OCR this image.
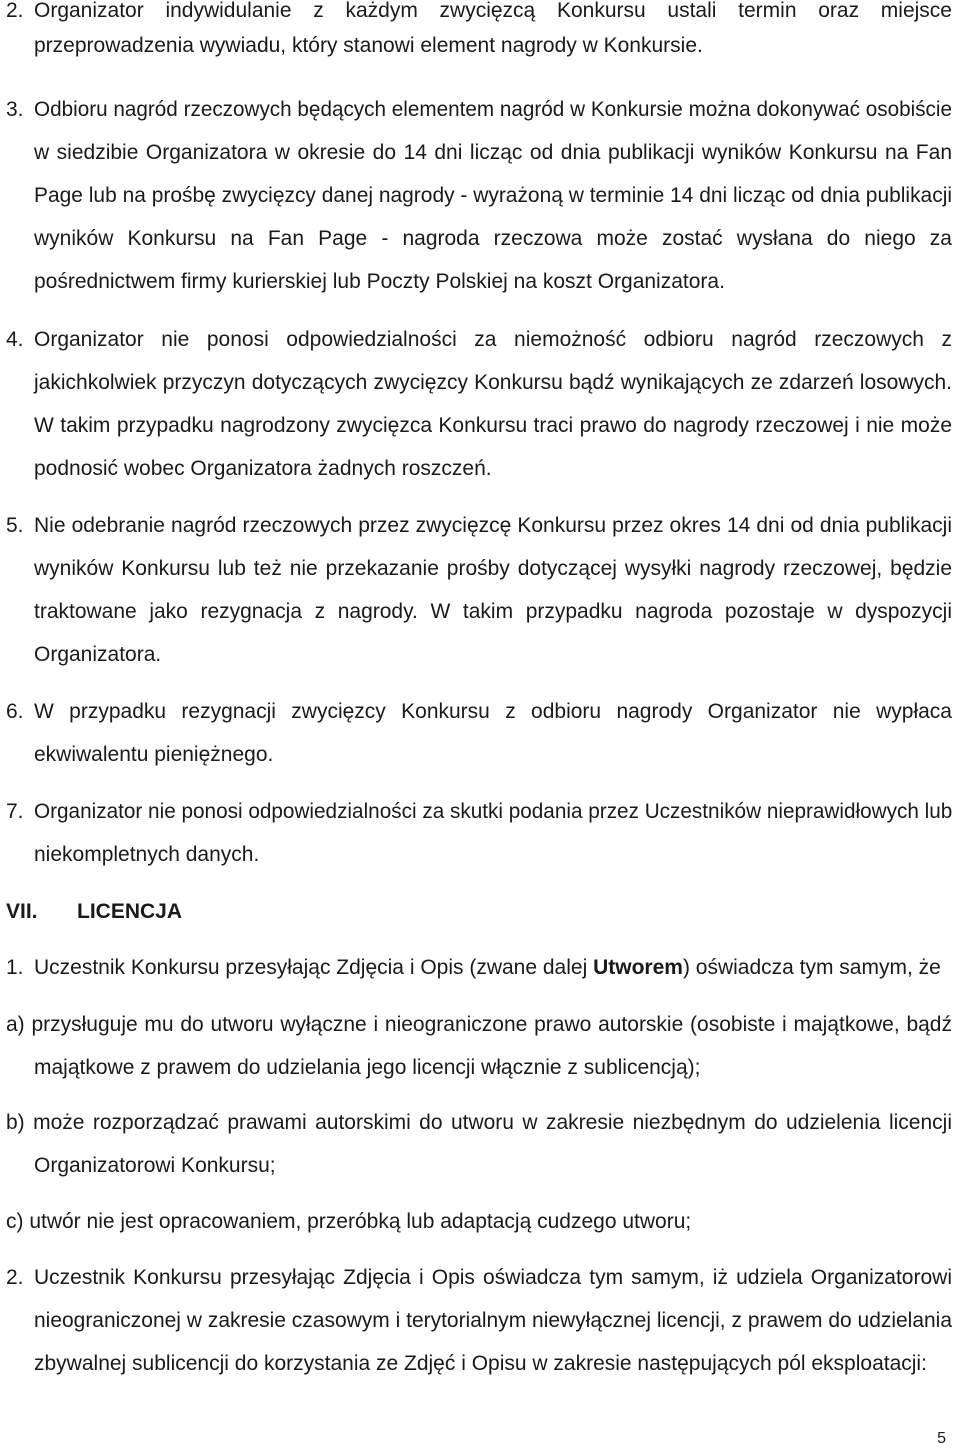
2. Organizator indywidulanie z każdym zwycięzcą Konkursu ustali termin oraz miejsce
przeprowadzenia wywiadu, który stanowi element nagrody w Konkursie.
3. Odbioru nagród rzeczowych będących elementem nagród w Konkursie można dokonywać osobiście
w siedzibie Organizatora w okresie do 14 dni licząc od dnia publikacji wyników Konkursu na Fan
Page lub na prośbę zwycięzcy danej nagrody - wyrażoną w terminie 14 dni licząc od dnia publikacji
wyników Konkursu na Fan Page - nagroda rzeczowa może zostać wysłana do niego za
pośrednictwem firmy kurierskiej lub Poczty Polskiej na koszt Organizatora.
4. Organizator nie ponosi odpowiedzialności za niemożność odbioru nagród rzeczowych z
jakichkolwiek przyczyn dotyczących zwycięzcy Konkursu bądź wynikających ze zdarzeń losowych.
W takim przypadku nagrodzony zwycięzca Konkursu traci prawo do nagrody rzeczowej i nie może
podnosić wobec Organizatora żadnych roszczeń.
5. Nie odebranie nagród rzeczowych przez zwycięzcę Konkursu przez okres 14 dni od dnia publikacji
wyników Konkursu lub też nie przekazanie prośby dotyczącej wysyłki nagrody rzeczowej, będzie
traktowane jako rezygnacja z nagrody. W takim przypadku nagroda pozostaje w dyspozycji
Organizatora.
6. W przypadku rezygnacji zwycięzcy Konkursu z odbioru nagrody Organizator nie wypłaca
ekwiwalentu pieniężnego.
7. Organizator nie ponosi odpowiedzialności za skutki podania przez Uczestników nieprawidłowych lub
niekompletnych danych.
VII. LICENCJA
1. Uczestnik Konkursu przesyłając Zdjęcia i Opis (zwane dalej Utworem) oświadcza tym samym, że
a) przysługuje mu do utworu wyłączne i nieograniczone prawo autorskie (osobiste i majątkowe, bądź
majątkowe z prawem do udzielania jego licencji włącznie z sublicencją);
b) może rozporządzać prawami autorskimi do utworu w zakresie niezbędnym do udzielenia licencji
Organizatorowi Konkursu;
c) utwór nie jest opracowaniem, przeróbką lub adaptacją cudzego utworu;
2. Uczestnik Konkursu przesyłając Zdjęcia i Opis oświadcza tym samym, iż udziela Organizatorowi
nieograniczonej w zakresie czasowym i terytorialnym niewyłącznej licencji, z prawem do udzielania
zbywalnej sublicencji do korzystania ze Zdjęć i Opisu w zakresie następujących pól eksploatacji:
5
